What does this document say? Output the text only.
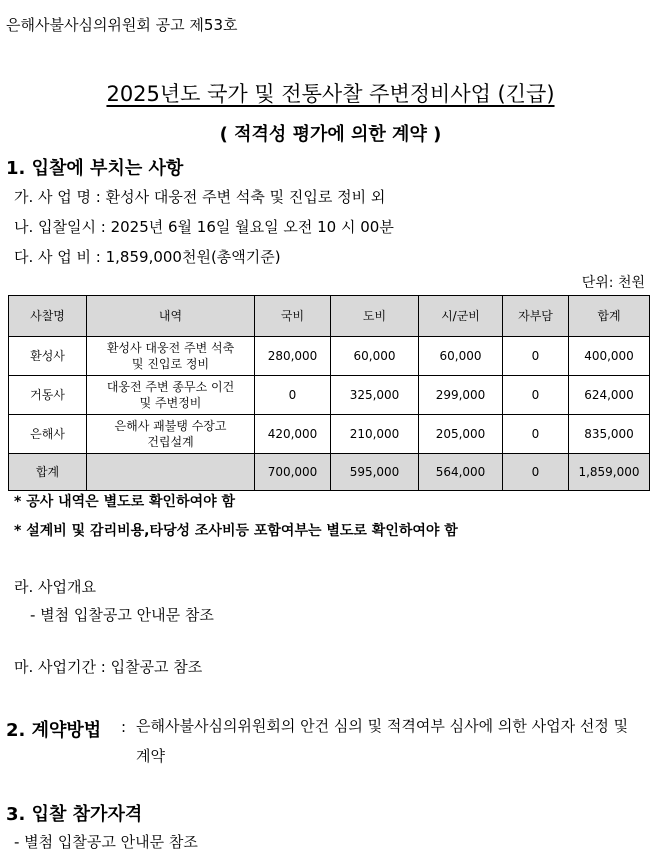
은해사불사심의위원회 공고 제53호
2025년도 국가 및 전통사찰 주변정비사업 (긴급)
( 적격성 평가에 의한 계약 )
1. 입찰에 부치는 사항
가. 사 업 명 : 환성사 대웅전 주변 석축 및 진입로 정비 외
나. 입찰일시 : 2025년 6월 16일 월요일 오전 10 시 00분
다. 사 업 비 : 1,859,000천원(총액기준)
단위: 천원
사찰명	내역	국비	도비	시/군비	자부담	합계
환성사	환성사 대웅전 주변 석축
및 진입로 정비	280,000	60,000	60,000	0	400,000
거동사	대웅전 주변 종무소 이건
및 주변정비	0	325,000	299,000	0	624,000
은해사	은해사 괘불탱 수장고
건립설계	420,000	210,000	205,000	0	835,000
합계		700,000	595,000	564,000	0	1,859,000
* 공사 내역은 별도로 확인하여야 함
* 설계비 및 감리비용,타당성 조사비등 포함여부는 별도로 확인하여야 함
라. 사업개요
- 별첨 입찰공고 안내문 참조
마. 사업기간 : 입찰공고 참조
2. 계약방법 : 은해사불사심의위원회의 안건 심의 및 적격여부 심사에 의한 사업자 선정 및 계약
3. 입찰 참가자격
- 별첨 입찰공고 안내문 참조
